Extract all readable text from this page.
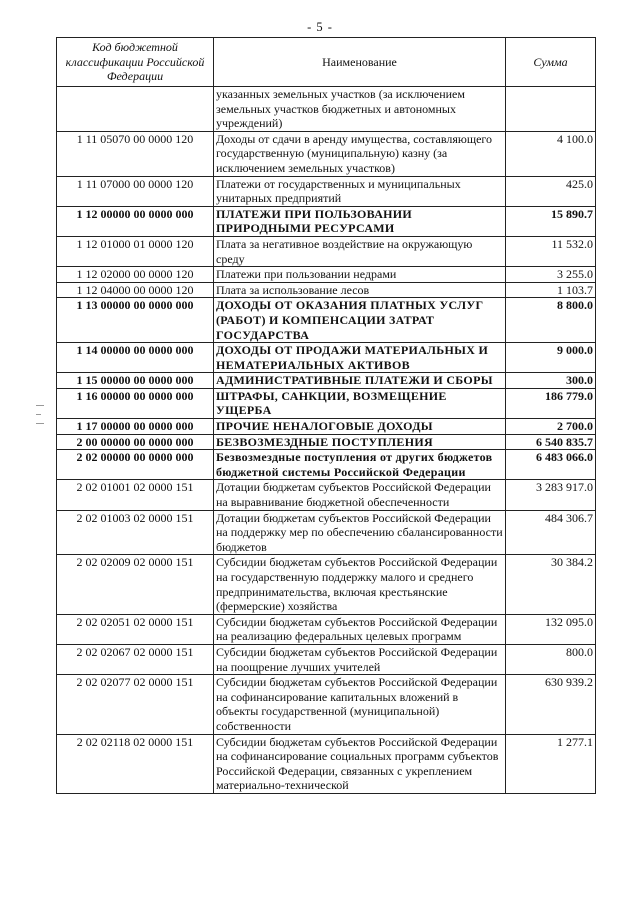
- 5 -
Код бюджетной классификации Российской Федерации	Наименование	Сумма
	указанных земельных участков (за исключением земельных участков бюджетных и автономных учреждений)	
1 11 05070 00 0000 120	Доходы от сдачи в аренду имущества, составляющего государственную (муниципальную) казну (за исключением земельных участков)	4 100.0
1 11 07000 00 0000 120	Платежи от государственных и муниципальных унитарных предприятий	425.0
1 12 00000 00 0000 000	ПЛАТЕЖИ ПРИ ПОЛЬЗОВАНИИ ПРИРОДНЫМИ РЕСУРСАМИ	15 890.7
1 12 01000 01 0000 120	Плата за негативное воздействие на окружающую среду	11 532.0
1 12 02000 00 0000 120	Платежи при пользовании недрами	3 255.0
1 12 04000 00 0000 120	Плата за использование лесов	1 103.7
1 13 00000 00 0000 000	ДОХОДЫ ОТ ОКАЗАНИЯ ПЛАТНЫХ УСЛУГ (РАБОТ) И КОМПЕНСАЦИИ ЗАТРАТ ГОСУДАРСТВА	8 800.0
1 14 00000 00 0000 000	ДОХОДЫ ОТ ПРОДАЖИ МАТЕРИАЛЬНЫХ И НЕМАТЕРИАЛЬНЫХ АКТИВОВ	9 000.0
1 15 00000 00 0000 000	АДМИНИСТРАТИВНЫЕ ПЛАТЕЖИ И СБОРЫ	300.0
1 16 00000 00 0000 000	ШТРАФЫ, САНКЦИИ, ВОЗМЕЩЕНИЕ УЩЕРБА	186 779.0
1 17 00000 00 0000 000	ПРОЧИЕ НЕНАЛОГОВЫЕ ДОХОДЫ	2 700.0
2 00 00000 00 0000 000	БЕЗВОЗМЕЗДНЫЕ ПОСТУПЛЕНИЯ	6 540 835.7
2 02 00000 00 0000 000	Безвозмездные поступления от других бюджетов бюджетной системы Российской Федерации	6 483 066.0
2 02 01001 02 0000 151	Дотации бюджетам субъектов Российской Федерации на выравнивание бюджетной обеспеченности	3 283 917.0
2 02 01003 02 0000 151	Дотации бюджетам субъектов Российской Федерации на поддержку мер по обеспечению сбалансированности бюджетов	484 306.7
2 02 02009 02 0000 151	Субсидии бюджетам субъектов Российской Федерации на государственную поддержку малого и среднего предпринимательства, включая крестьянские (фермерские) хозяйства	30 384.2
2 02 02051 02 0000 151	Субсидии бюджетам субъектов Российской Федерации на реализацию федеральных целевых программ	132 095.0
2 02 02067 02 0000 151	Субсидии бюджетам субъектов Российской Федерации на поощрение лучших учителей	800.0
2 02 02077 02 0000 151	Субсидии бюджетам субъектов Российской Федерации на софинансирование капитальных вложений в объекты государственной (муниципальной) собственности	630 939.2
2 02 02118 02 0000 151	Субсидии бюджетам субъектов Российской Федерации на софинансирование социальных программ субъектов Российской Федерации, связанных с укреплением материально-технической	1 277.1
